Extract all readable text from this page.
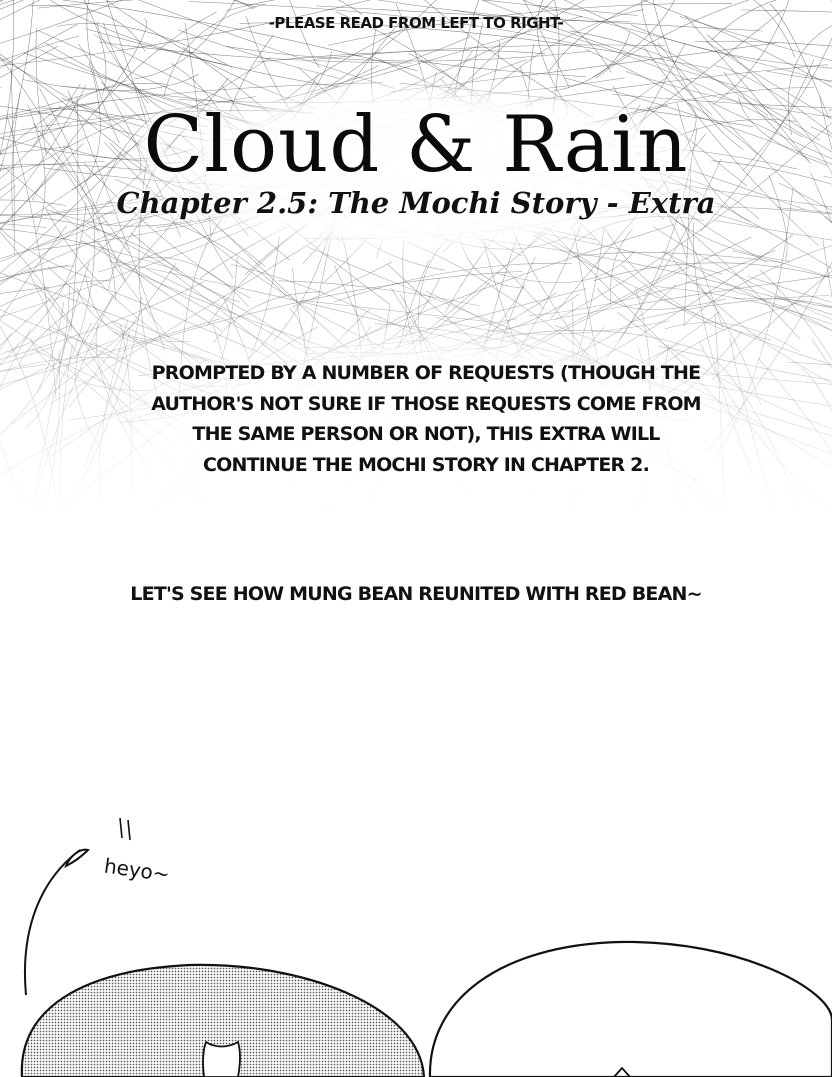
-PLEASE READ FROM LEFT TO RIGHT-
Cloud & Rain
Chapter 2.5: The Mochi Story - Extra
PROMPTED BY A NUMBER OF REQUESTS (THOUGH THE AUTHOR'S NOT SURE IF THOSE REQUESTS COME FROM THE SAME PERSON OR NOT), THIS EXTRA WILL CONTINUE THE MOCHI STORY IN CHAPTER 2.
LET'S SEE HOW MUNG BEAN REUNITED WITH RED BEAN~
heyo~
